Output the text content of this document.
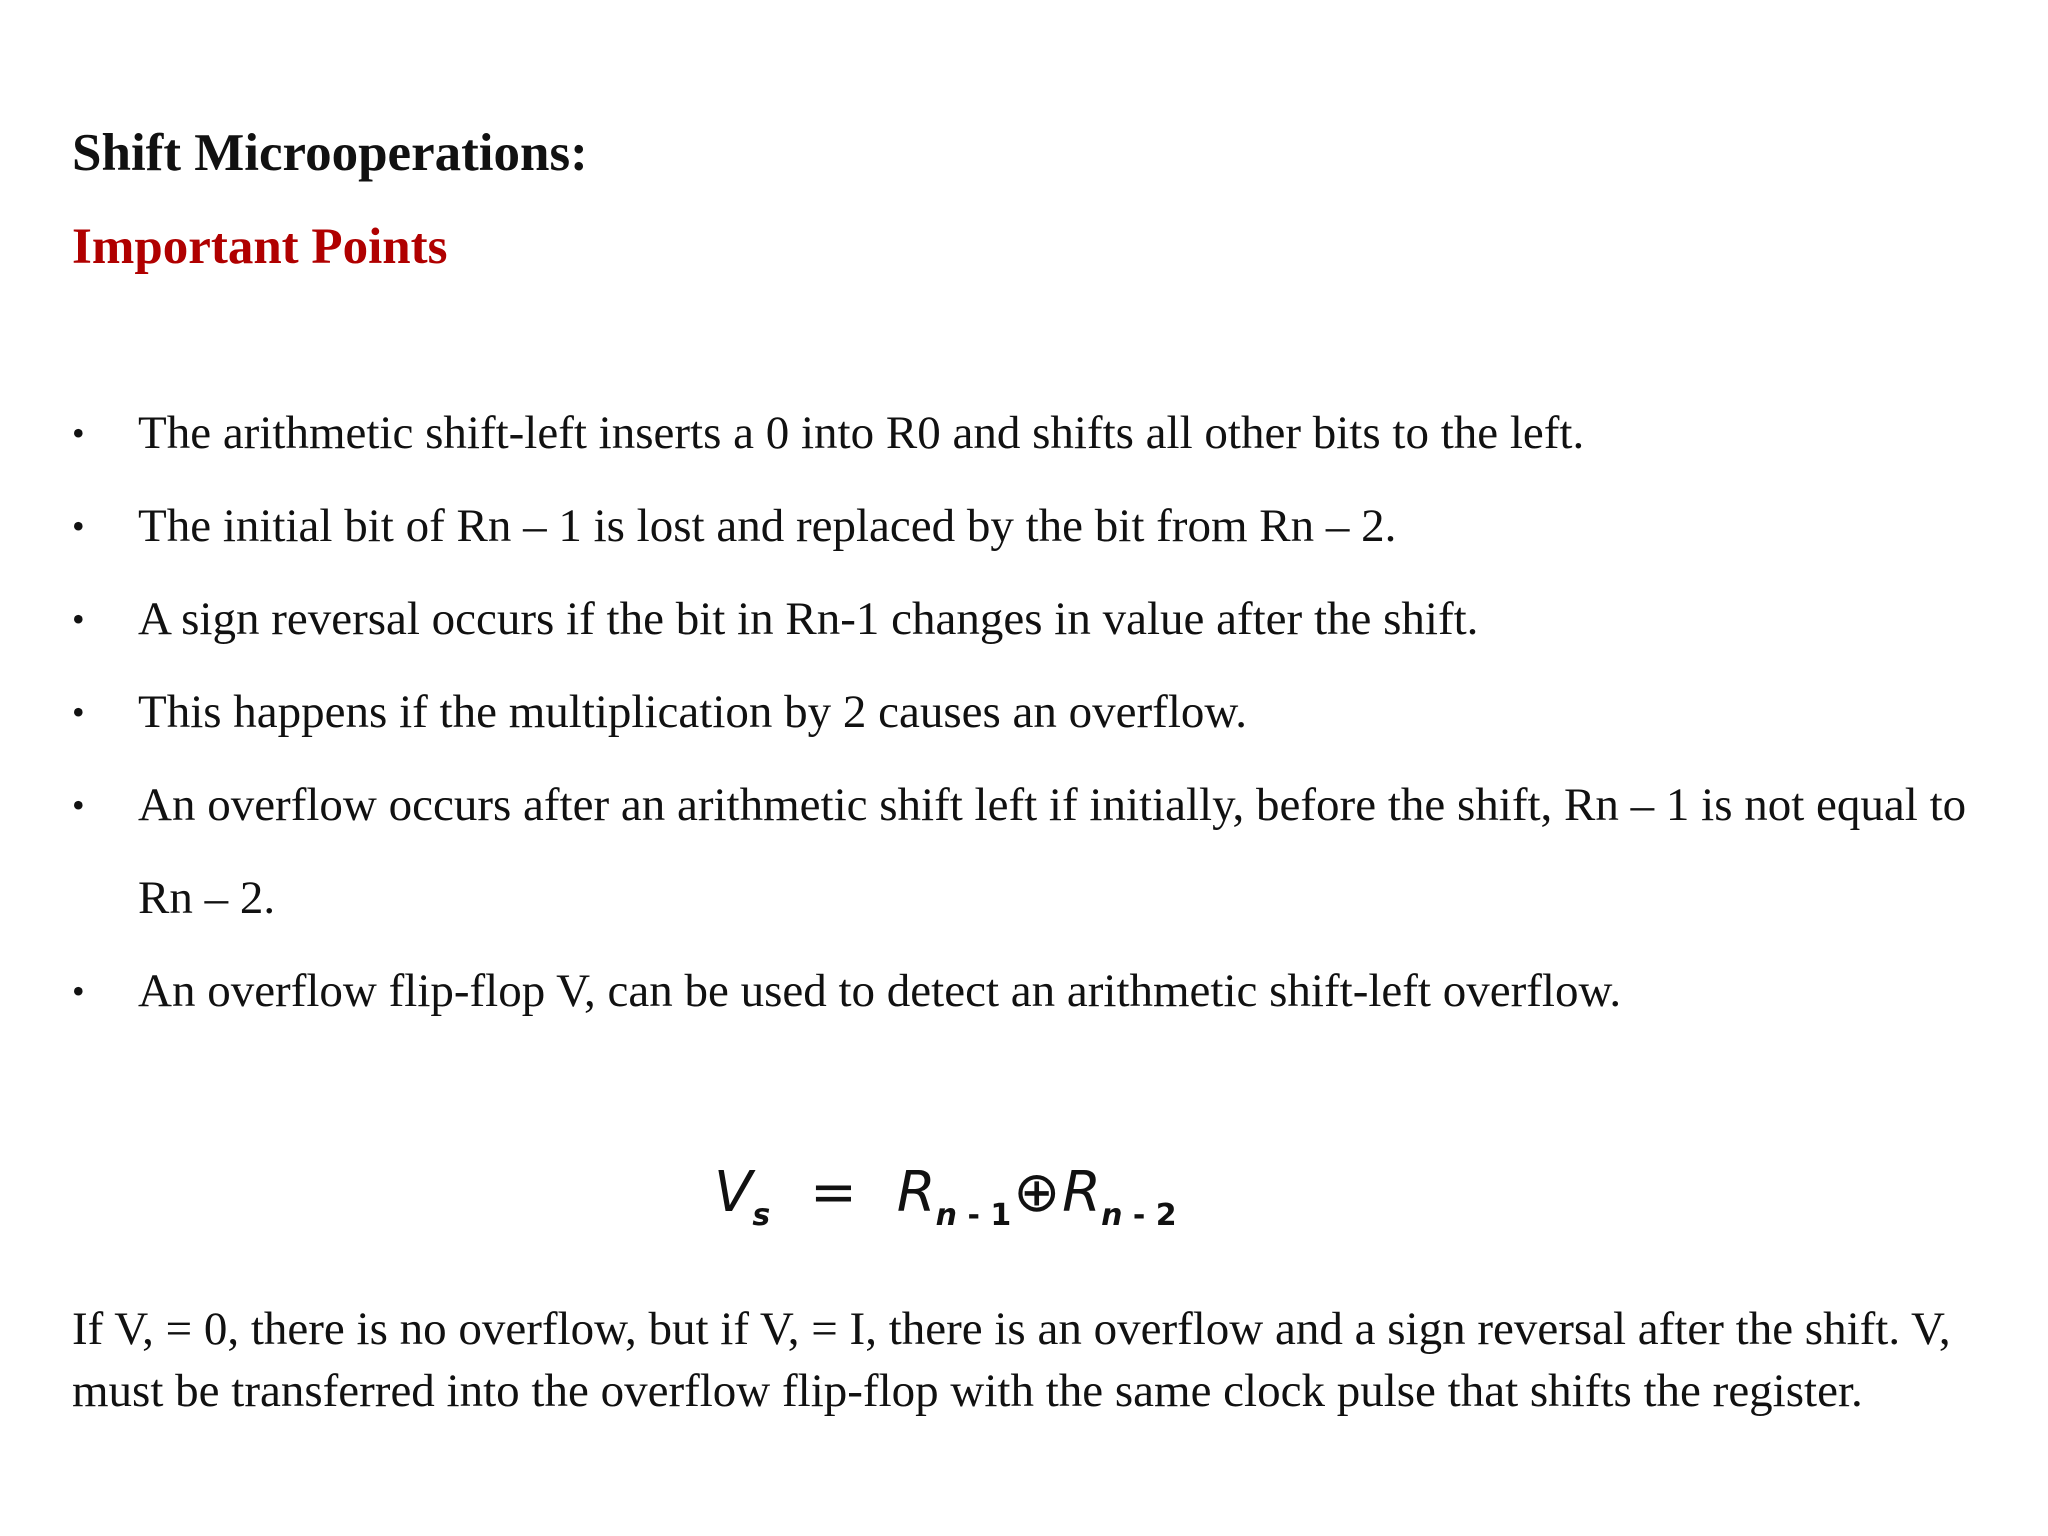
Shift Microoperations:
Important Points
• The arithmetic shift-left inserts a 0 into R0 and shifts all other bits to the left.
• The initial bit of Rn – 1 is lost and replaced by the bit from Rn – 2.
• A sign reversal occurs if the bit in Rn-1 changes in value after the shift.
• This happens if the multiplication by 2 causes an overflow.
• An overflow occurs after an arithmetic shift left if initially, before the shift, Rn – 1 is not equal to Rn – 2.
• An overflow flip-flop V, can be used to detect an arithmetic shift-left overflow.
$V_s$ = $R_{n - 1}\oplus R_{n - 2}$

If V, = 0, there is no overflow, but if V, = I, there is an overflow and a sign reversal after the shift. V, must be transferred into the overflow flip-flop with the same clock pulse that shifts the register.
